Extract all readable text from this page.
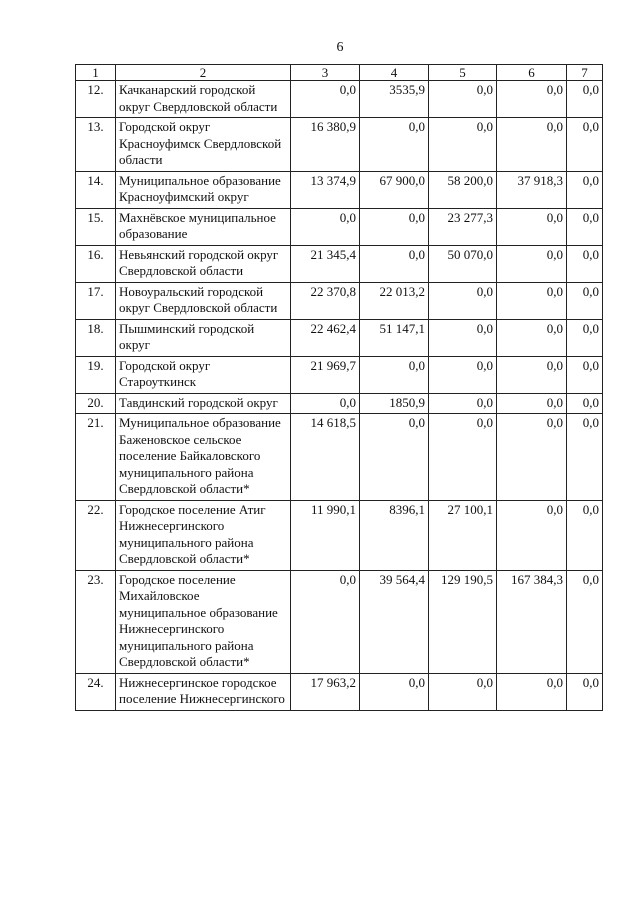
6
1	2	3	4	5	6	7
12.	Качканарский городской округ Свердловской области	0,0	3535,9	0,0	0,0	0,0
13.	Городской округ Красноуфимск Свердловской области	16 380,9	0,0	0,0	0,0	0,0
14.	Муниципальное образование Красноуфимский округ	13 374,9	67 900,0	58 200,0	37 918,3	0,0
15.	Махнёвское муниципальное образование	0,0	0,0	23 277,3	0,0	0,0
16.	Невьянский городской округ Свердловской области	21 345,4	0,0	50 070,0	0,0	0,0
17.	Новоуральский городской округ Свердловской области	22 370,8	22 013,2	0,0	0,0	0,0
18.	Пышминский городской округ	22 462,4	51 147,1	0,0	0,0	0,0
19.	Городской округ Староуткинск	21 969,7	0,0	0,0	0,0	0,0
20.	Тавдинский городской округ	0,0	1850,9	0,0	0,0	0,0
21.	Муниципальное образование Баженовское сельское поселение Байкаловского муниципального района Свердловской области*	14 618,5	0,0	0,0	0,0	0,0
22.	Городское поселение Атиг Нижнесергинского муниципального района Свердловской области*	11 990,1	8396,1	27 100,1	0,0	0,0
23.	Городское поселение Михайловское муниципальное образование Нижнесергинского муниципального района Свердловской области*	0,0	39 564,4	129 190,5	167 384,3	0,0
24.	Нижнесергинское городское поселение Нижнесергинского	17 963,2	0,0	0,0	0,0	0,0
